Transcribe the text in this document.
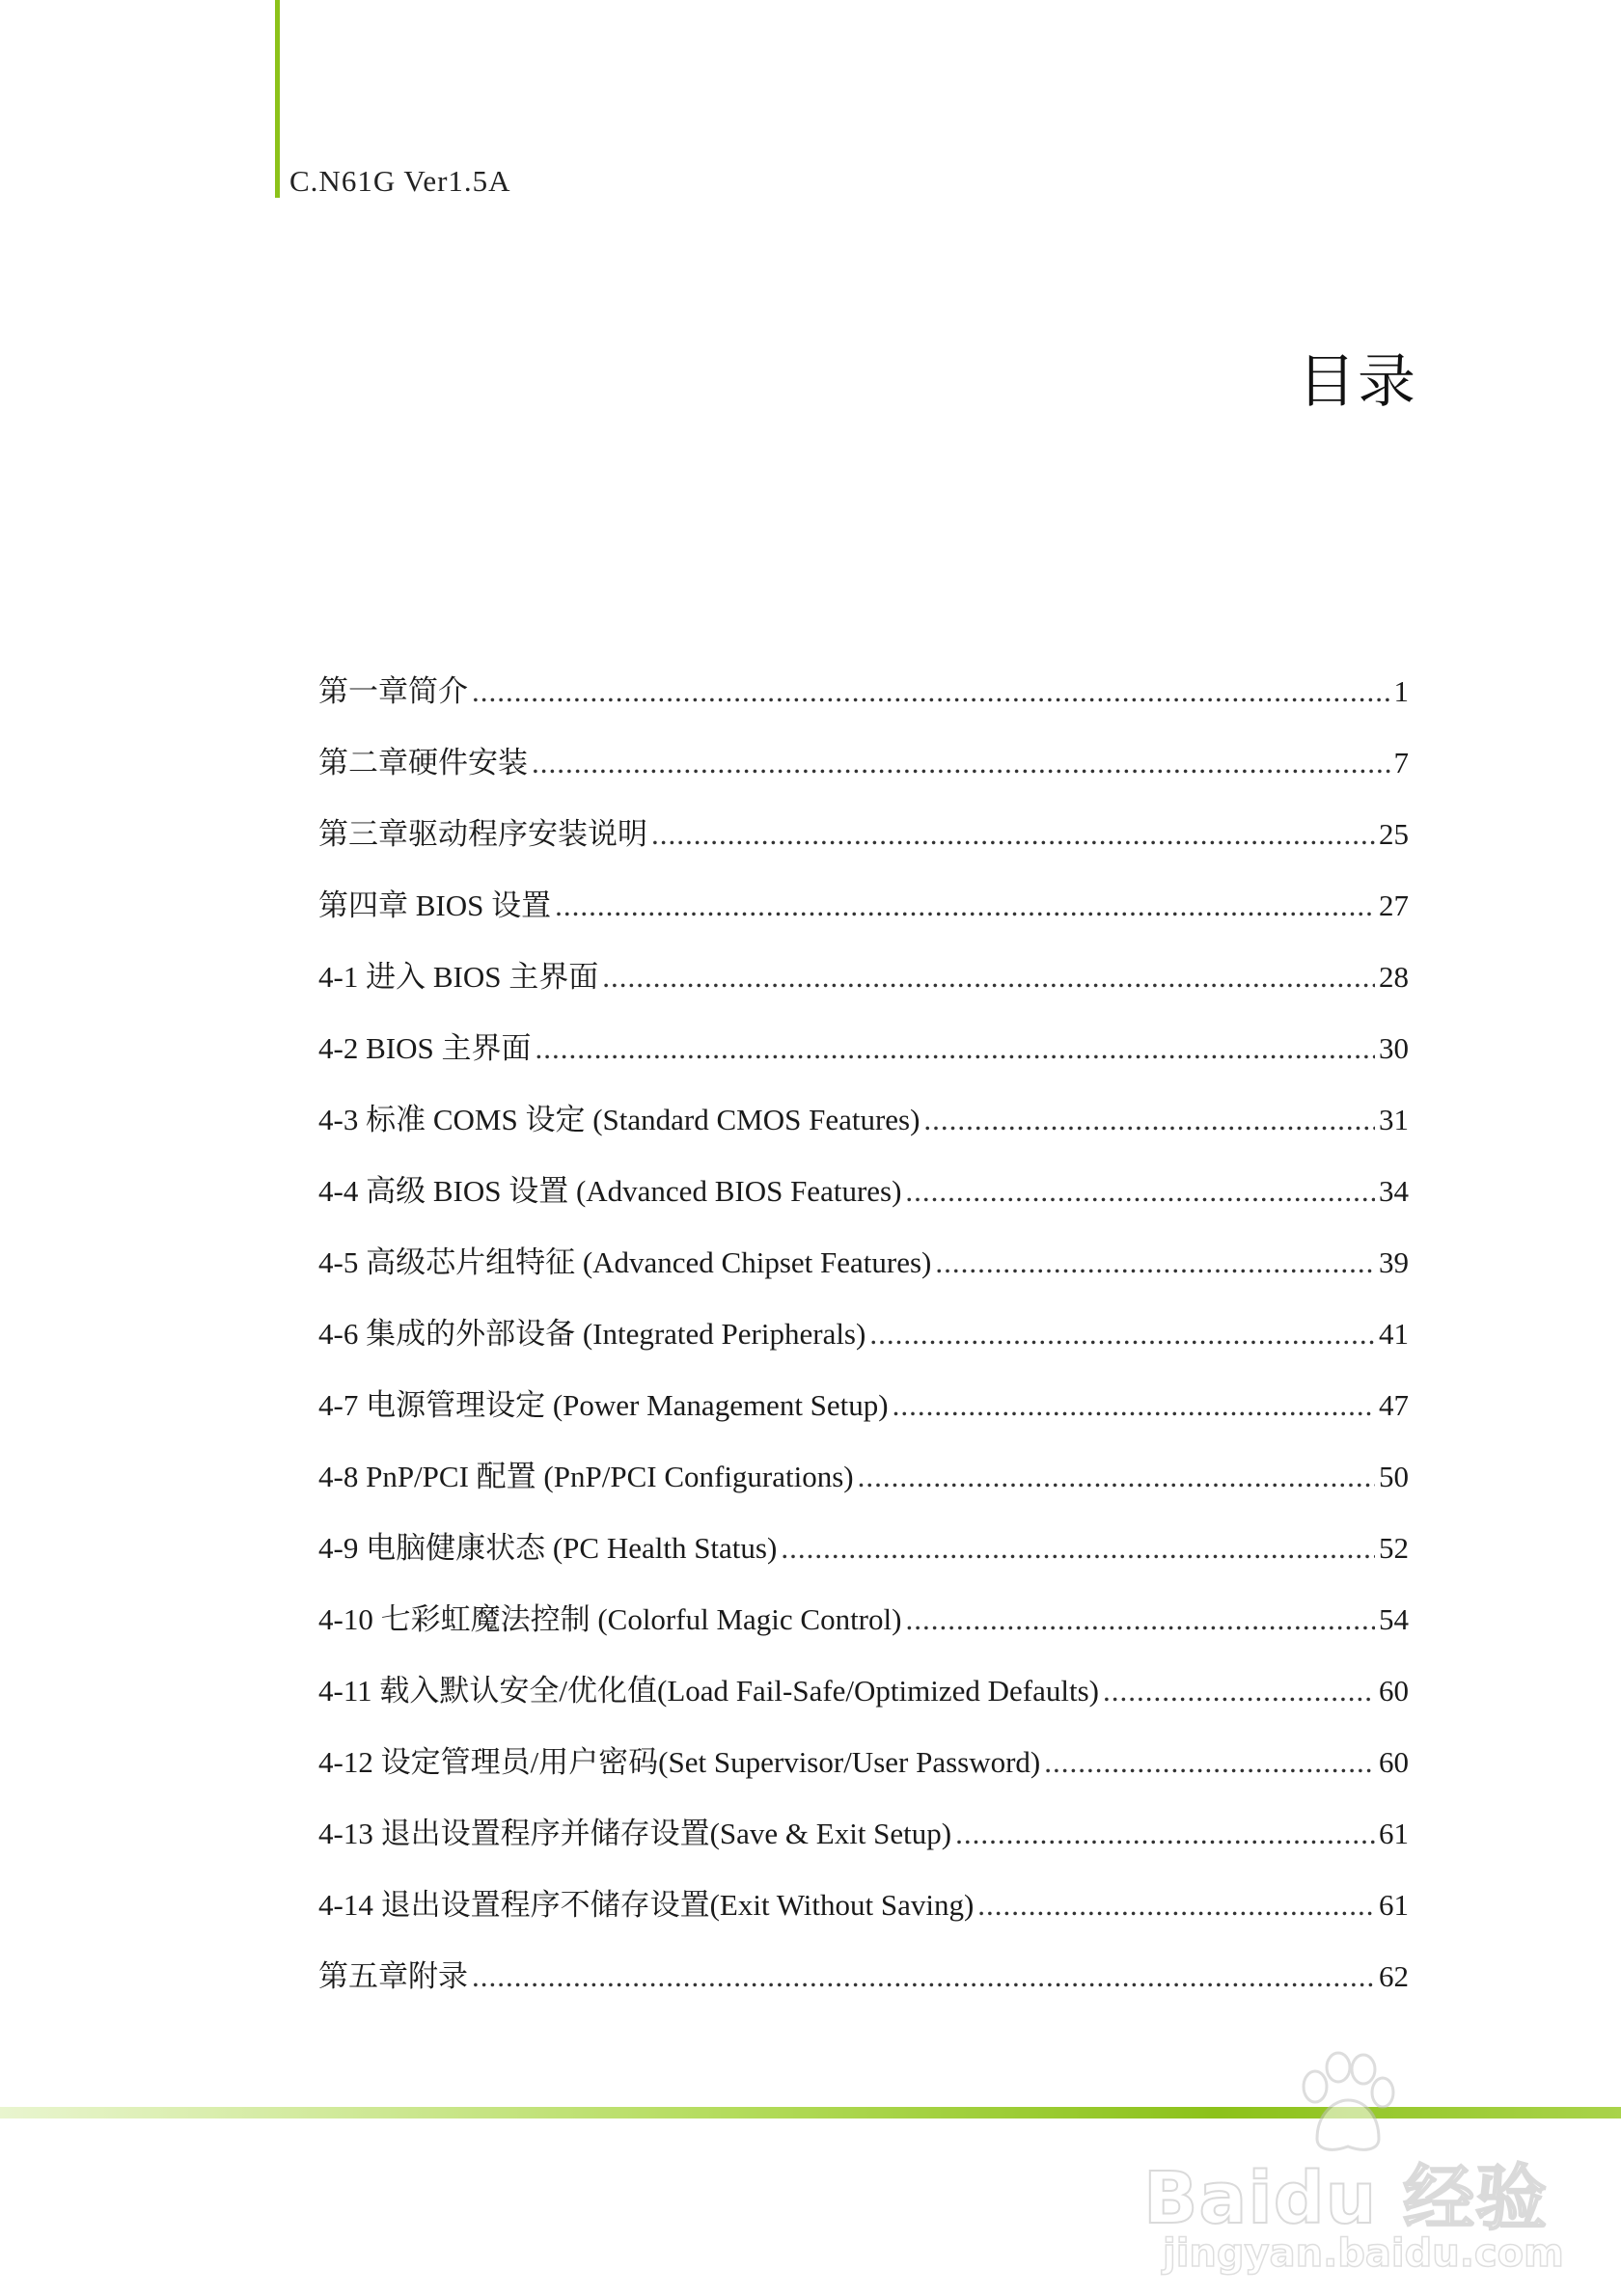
C.N61G Ver1.5A
目录
第一章简介 .....	1
第二章硬件安装 .....	7
第三章驱动程序安装说明 .....	25
第四章 BIOS 设置 .....	27
4-1 进入 BIOS 主界面 .....	28
4-2 BIOS 主界面 .....	30
4-3 标准 COMS 设定 (Standard CMOS Features) .....	31
4-4 高级 BIOS 设置 (Advanced BIOS Features) .....	34
4-5 高级芯片组特征 (Advanced Chipset Features) .....	39
4-6 集成的外部设备 (Integrated Peripherals) .....	41
4-7 电源管理设定 (Power Management Setup) .....	47
4-8 PnP/PCI 配置 (PnP/PCI Configurations) .....	50
4-9 电脑健康状态 (PC Health Status) .....	52
4-10 七彩虹魔法控制 (Colorful Magic Control) .....	54
4-11 载入默认安全/优化值(Load Fail-Safe/Optimized Defaults) .....	60
4-12 设定管理员/用户密码(Set Supervisor/User Password) .....	60
4-13 退出设置程序并储存设置(Save & Exit Setup) .....	61
4-14 退出设置程序不储存设置(Exit Without Saving) .....	61
第五章附录 .....	62
Baidu 经验
jingyan.baidu.com
